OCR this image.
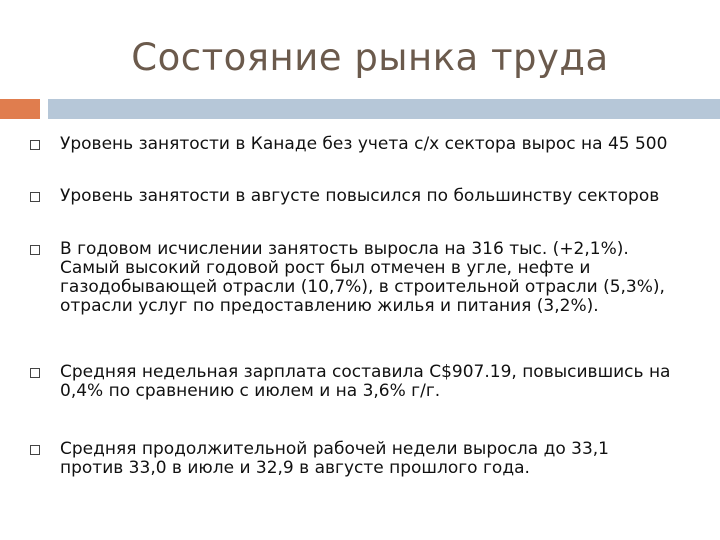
Состояние рынка труда
Уровень занятости в Канаде без учета с/х сектора вырос на 45 500
Уровень занятости в августе повысился по большинству секторов
В годовом исчислении занятость выросла на 316 тыс. (+2,1%).
Самый высокий годовой рост был отмечен в угле, нефте и
газодобывающей отрасли (10,7%), в строительной отрасли (5,3%),
отрасли услуг по предоставлению жилья и питания (3,2%).
Средняя недельная зарплата составила C$907.19, повысившись на
0,4% по сравнению с июлем и на 3,6% г/г.
Средняя продолжительной рабочей недели выросла до 33,1
против 33,0 в июле и 32,9 в августе прошлого года.
